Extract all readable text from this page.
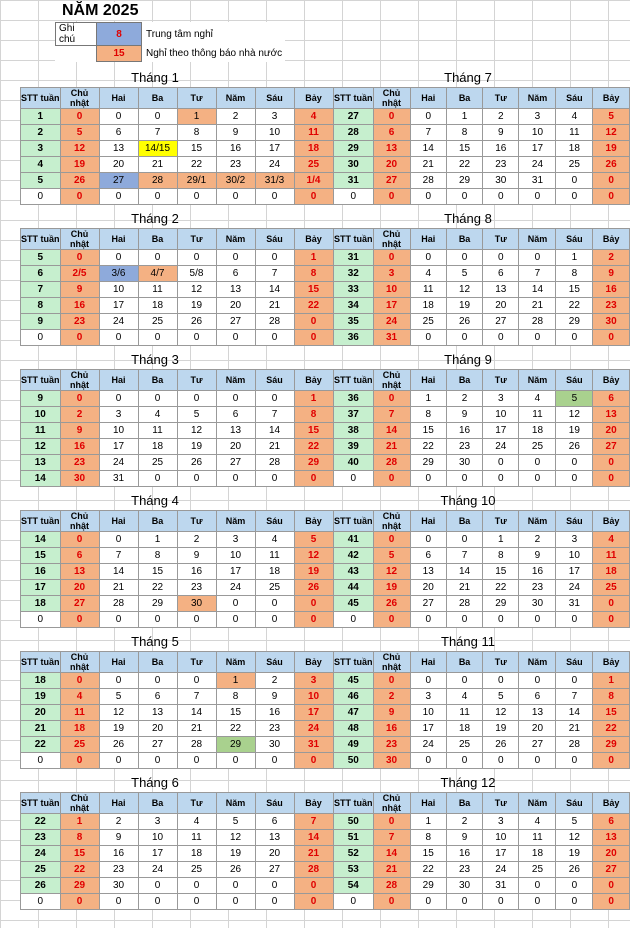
NĂM 2025
Ghi chú	8	Trung tâm nghỉ
	15	Nghỉ theo thông báo nhà nước
Tháng 1
STT tuần	Chủ nhật	Hai	Ba	Tư	Năm	Sáu	Bảy
1	0	0	0	1	2	3	4
2	5	6	7	8	9	10	11
3	12	13	14/15	15	16	17	18
4	19	20	21	22	23	24	25
5	26	27	28	29/1	30/2	31/3	1/4
0	0	0	0	0	0	0	0
Tháng 7
STT tuần	Chủ nhật	Hai	Ba	Tư	Năm	Sáu	Bảy
27	0	0	1	2	3	4	5
28	6	7	8	9	10	11	12
29	13	14	15	16	17	18	19
30	20	21	22	23	24	25	26
31	27	28	29	30	31	0	0
0	0	0	0	0	0	0	0
Tháng 2
STT tuần	Chủ nhật	Hai	Ba	Tư	Năm	Sáu	Bảy
5	0	0	0	0	0	0	1
6	2/5	3/6	4/7	5/8	6	7	8
7	9	10	11	12	13	14	15
8	16	17	18	19	20	21	22
9	23	24	25	26	27	28	0
0	0	0	0	0	0	0	0
Tháng 8
STT tuần	Chủ nhật	Hai	Ba	Tư	Năm	Sáu	Bảy
31	0	0	0	0	0	1	2
32	3	4	5	6	7	8	9
33	10	11	12	13	14	15	16
34	17	18	19	20	21	22	23
35	24	25	26	27	28	29	30
36	31	0	0	0	0	0	0
Tháng 3
STT tuần	Chủ nhật	Hai	Ba	Tư	Năm	Sáu	Bảy
9	0	0	0	0	0	0	1
10	2	3	4	5	6	7	8
11	9	10	11	12	13	14	15
12	16	17	18	19	20	21	22
13	23	24	25	26	27	28	29
14	30	31	0	0	0	0	0
Tháng 9
STT tuần	Chủ nhật	Hai	Ba	Tư	Năm	Sáu	Bảy
36	0	1	2	3	4	5	6
37	7	8	9	10	11	12	13
38	14	15	16	17	18	19	20
39	21	22	23	24	25	26	27
40	28	29	30	0	0	0	0
0	0	0	0	0	0	0	0
Tháng 4
STT tuần	Chủ nhật	Hai	Ba	Tư	Năm	Sáu	Bảy
14	0	0	1	2	3	4	5
15	6	7	8	9	10	11	12
16	13	14	15	16	17	18	19
17	20	21	22	23	24	25	26
18	27	28	29	30	0	0	0
0	0	0	0	0	0	0	0
Tháng 10
STT tuần	Chủ nhật	Hai	Ba	Tư	Năm	Sáu	Bảy
41	0	0	0	1	2	3	4
42	5	6	7	8	9	10	11
43	12	13	14	15	16	17	18
44	19	20	21	22	23	24	25
45	26	27	28	29	30	31	0
0	0	0	0	0	0	0	0
Tháng 5
STT tuần	Chủ nhật	Hai	Ba	Tư	Năm	Sáu	Bảy
18	0	0	0	0	1	2	3
19	4	5	6	7	8	9	10
20	11	12	13	14	15	16	17
21	18	19	20	21	22	23	24
22	25	26	27	28	29	30	31
0	0	0	0	0	0	0	0
Tháng 11
STT tuần	Chủ nhật	Hai	Ba	Tư	Năm	Sáu	Bảy
45	0	0	0	0	0	0	1
46	2	3	4	5	6	7	8
47	9	10	11	12	13	14	15
48	16	17	18	19	20	21	22
49	23	24	25	26	27	28	29
50	30	0	0	0	0	0	0
Tháng 6
STT tuần	Chủ nhật	Hai	Ba	Tư	Năm	Sáu	Bảy
22	1	2	3	4	5	6	7
23	8	9	10	11	12	13	14
24	15	16	17	18	19	20	21
25	22	23	24	25	26	27	28
26	29	30	0	0	0	0	0
0	0	0	0	0	0	0	0
Tháng 12
STT tuần	Chủ nhật	Hai	Ba	Tư	Năm	Sáu	Bảy
50	0	1	2	3	4	5	6
51	7	8	9	10	11	12	13
52	14	15	16	17	18	19	20
53	21	22	23	24	25	26	27
54	28	29	30	31	0	0	0
0	0	0	0	0	0	0	0
